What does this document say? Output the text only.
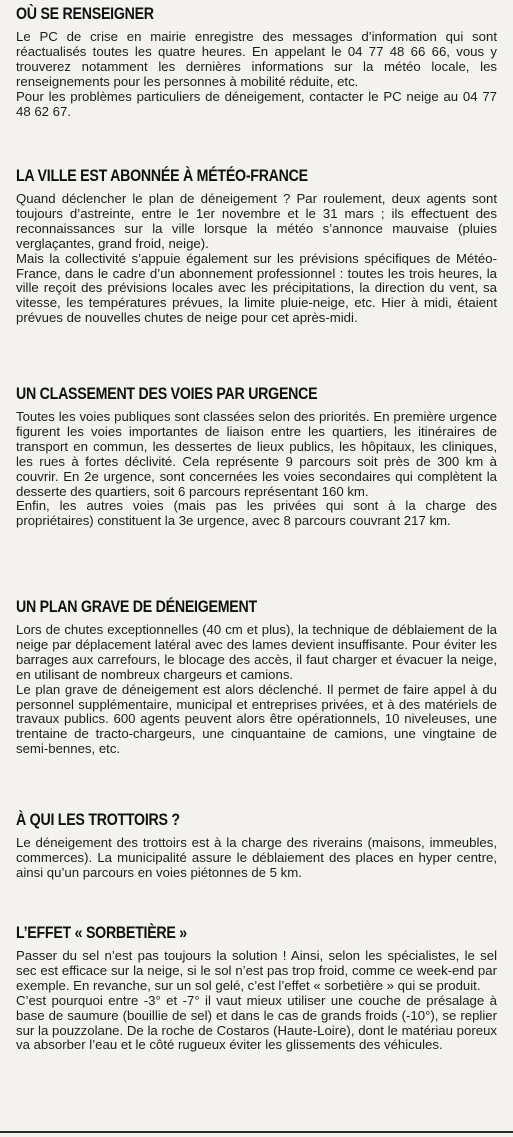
OÙ SE RENSEIGNER

Le PC de crise en mairie enregistre des messages d’information qui sont réactualisés toutes les quatre heures. En appelant le 04 77 48 66 66, vous y trouverez notamment les dernières informations sur la météo locale, les renseignements pour les personnes à mobilité réduite, etc.

Pour les problèmes particuliers de déneigement, contacter le PC neige au 04 77 48 62 67.

LA VILLE EST ABONNÉE À MÉTÉO-FRANCE

Quand déclencher le plan de déneigement ? Par roulement, deux agents sont toujours d’astreinte, entre le 1er novembre et le 31 mars ; ils effectuent des reconnaissances sur la ville lorsque la météo s’annonce mauvaise (pluies verglaçantes, grand froid, neige).

Mais la collectivité s’appuie également sur les prévisions spécifiques de Météo-France, dans le cadre d’un abonnement professionnel : toutes les trois heures, la ville reçoit des prévisions locales avec les précipitations, la direction du vent, sa vitesse, les températures prévues, la limite pluie-neige, etc. Hier à midi, étaient prévues de nouvelles chutes de neige pour cet après-midi.

UN CLASSEMENT DES VOIES PAR URGENCE

Toutes les voies publiques sont classées selon des priorités. En première urgence figurent les voies importantes de liaison entre les quartiers, les itinéraires de transport en commun, les dessertes de lieux publics, les hôpitaux, les cliniques, les rues à fortes déclivité. Cela représente 9 parcours soit près de 300 km à couvrir. En 2e urgence, sont concernées les voies secondaires qui complètent la desserte des quartiers, soit 6 parcours représentant 160 km.

Enfin, les autres voies (mais pas les privées qui sont à la charge des propriétaires) constituent la 3e urgence, avec 8 parcours couvrant 217 km.

UN PLAN GRAVE DE DÉNEIGEMENT

Lors de chutes exceptionnelles (40 cm et plus), la technique de déblaiement de la neige par déplacement latéral avec des lames devient insuffisante. Pour éviter les barrages aux carrefours, le blocage des accès, il faut charger et évacuer la neige, en utilisant de nombreux chargeurs et camions.

Le plan grave de déneigement est alors déclenché. Il permet de faire appel à du personnel supplémentaire, municipal et entreprises privées, et à des matériels de travaux publics. 600 agents peuvent alors être opérationnels, 10 niveleuses, une trentaine de tracto-chargeurs, une cinquantaine de camions, une vingtaine de semi-bennes, etc.

À QUI LES TROTTOIRS ?

Le déneigement des trottoirs est à la charge des riverains (maisons, immeubles, commerces). La municipalité assure le déblaiement des places en hyper centre, ainsi qu’un parcours en voies piétonnes de 5 km.

L’EFFET « SORBETIÈRE »

Passer du sel n’est pas toujours la solution ! Ainsi, selon les spécialistes, le sel sec est efficace sur la neige, si le sol n’est pas trop froid, comme ce week-end par exemple. En revanche, sur un sol gelé, c’est l’effet « sorbetière » qui se produit.

C’est pourquoi entre -3° et -7° il vaut mieux utiliser une couche de présalage à base de saumure (bouillie de sel) et dans le cas de grands froids (-10°), se replier sur la pouzzolane. De la roche de Costaros (Haute-Loire), dont le matériau poreux va absorber l’eau et le côté rugueux éviter les glissements des véhicules.
